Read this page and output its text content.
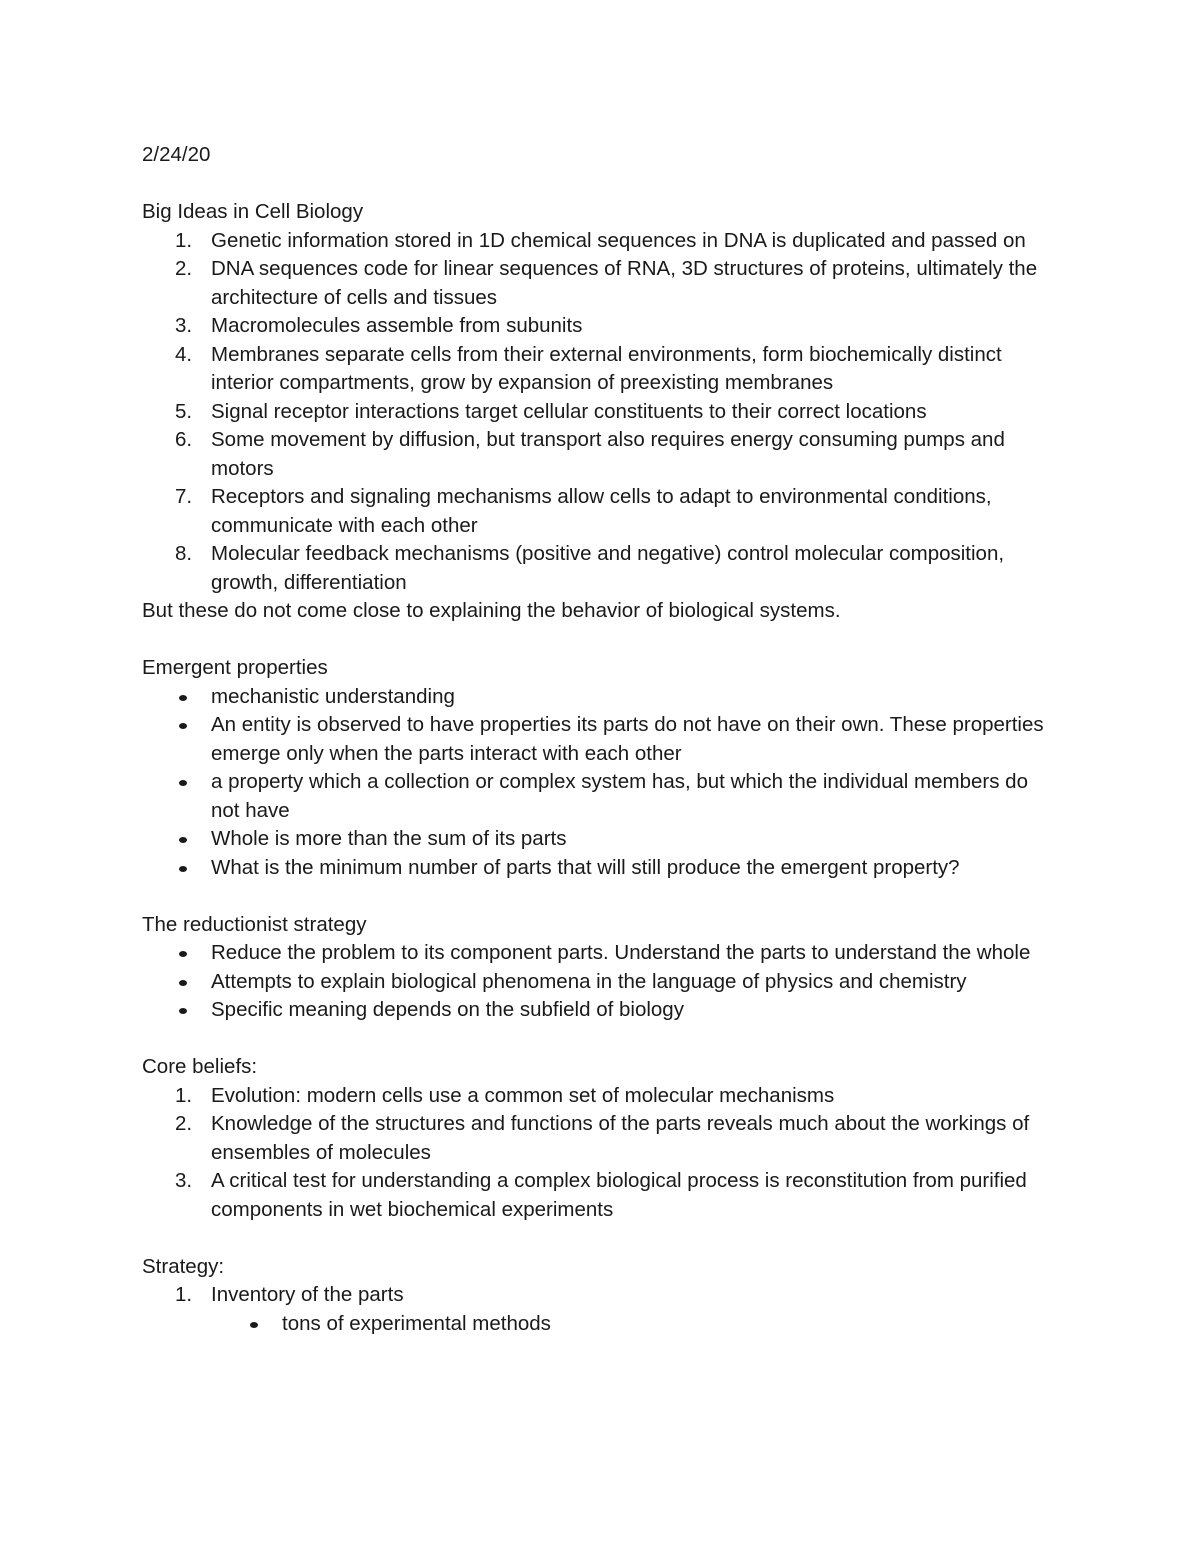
2/24/20

Big Ideas in Cell Biology

1. Genetic information stored in 1D chemical sequences in DNA is duplicated and passed on
2. DNA sequences code for linear sequences of RNA, 3D structures of proteins, ultimately the architecture of cells and tissues
3. Macromolecules assemble from subunits
4. Membranes separate cells from their external environments, form biochemically distinct interior compartments, grow by expansion of preexisting membranes
5. Signal receptor interactions target cellular constituents to their correct locations
6. Some movement by diffusion, but transport also requires energy consuming pumps and motors
7. Receptors and signaling mechanisms allow cells to adapt to environmental conditions, communicate with each other
8. Molecular feedback mechanisms (positive and negative) control molecular composition, growth, differentiation

But these do not come close to explaining the behavior of biological systems.

Emergent properties

mechanistic understanding
An entity is observed to have properties its parts do not have on their own. These properties emerge only when the parts interact with each other
a property which a collection or complex system has, but which the individual members do not have
Whole is more than the sum of its parts
What is the minimum number of parts that will still produce the emergent property?

The reductionist strategy

Reduce the problem to its component parts. Understand the parts to understand the whole
Attempts to explain biological phenomena in the language of physics and chemistry
Specific meaning depends on the subfield of biology

Core beliefs:

1. Evolution: modern cells use a common set of molecular mechanisms
2. Knowledge of the structures and functions of the parts reveals much about the workings of ensembles of molecules
3. A critical test for understanding a complex biological process is reconstitution from purified components in wet biochemical experiments

Strategy:

1. Inventory of the parts
tons of experimental methods
